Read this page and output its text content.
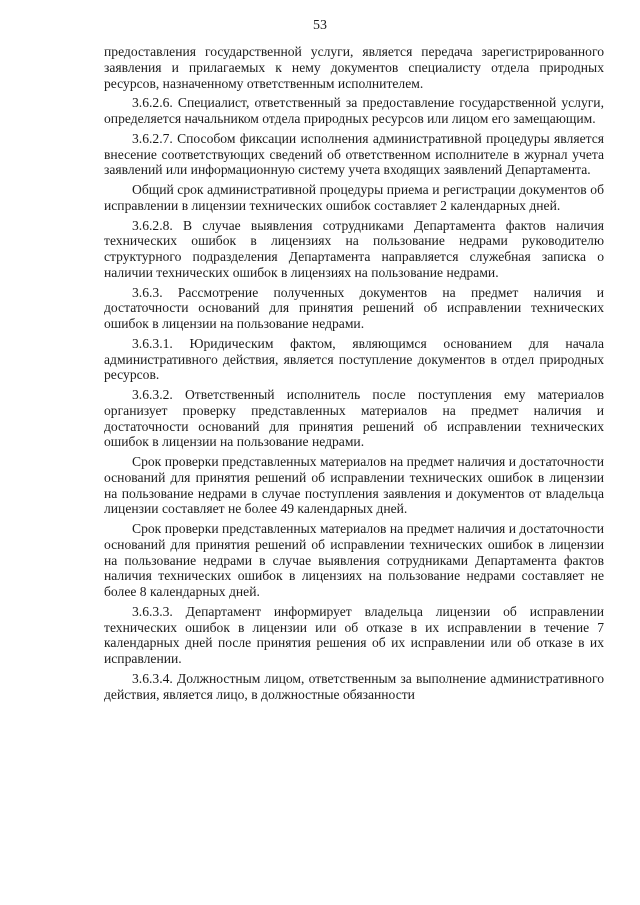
53

предоставления государственной услуги, является передача зарегистрированного заявления и прилагаемых к нему документов специалисту отдела природных ресурсов, назначенному ответственным исполнителем.

3.6.2.6. Специалист, ответственный за предоставление государственной услуги, определяется начальником отдела природных ресурсов или лицом его замещающим.

3.6.2.7. Способом фиксации исполнения административной процедуры является внесение соответствующих сведений об ответственном исполнителе в журнал учета заявлений или информационную систему учета входящих заявлений Департамента.

Общий срок административной процедуры приема и регистрации документов об исправлении в лицензии технических ошибок составляет 2 календарных дней.

3.6.2.8. В случае выявления сотрудниками Департамента фактов наличия технических ошибок в лицензиях на пользование недрами руководителю структурного подразделения Департамента направляется служебная записка о наличии технических ошибок в лицензиях на пользование недрами.

3.6.3. Рассмотрение полученных документов на предмет наличия и достаточности оснований для принятия решений об исправлении технических ошибок в лицензии на пользование недрами.

3.6.3.1. Юридическим фактом, являющимся основанием для начала административного действия, является поступление документов в отдел природных ресурсов.

3.6.3.2. Ответственный исполнитель после поступления ему материалов организует проверку представленных материалов на предмет наличия и достаточности оснований для принятия решений об исправлении технических ошибок в лицензии на пользование недрами.

Срок проверки представленных материалов на предмет наличия и достаточности оснований для принятия решений об исправлении технических ошибок в лицензии на пользование недрами в случае поступления заявления и документов от владельца лицензии составляет не более 49 календарных дней.

Срок проверки представленных материалов на предмет наличия и достаточности оснований для принятия решений об исправлении технических ошибок в лицензии на пользование недрами в случае выявления сотрудниками Департамента фактов наличия технических ошибок в лицензиях на пользование недрами составляет не более 8 календарных дней.

3.6.3.3. Департамент информирует владельца лицензии об исправлении технических ошибок в лицензии или об отказе в их исправлении в течение 7 календарных дней после принятия решения об их исправлении или об отказе в их исправлении.

3.6.3.4. Должностным лицом, ответственным за выполнение административного действия, является лицо, в должностные обязанности
